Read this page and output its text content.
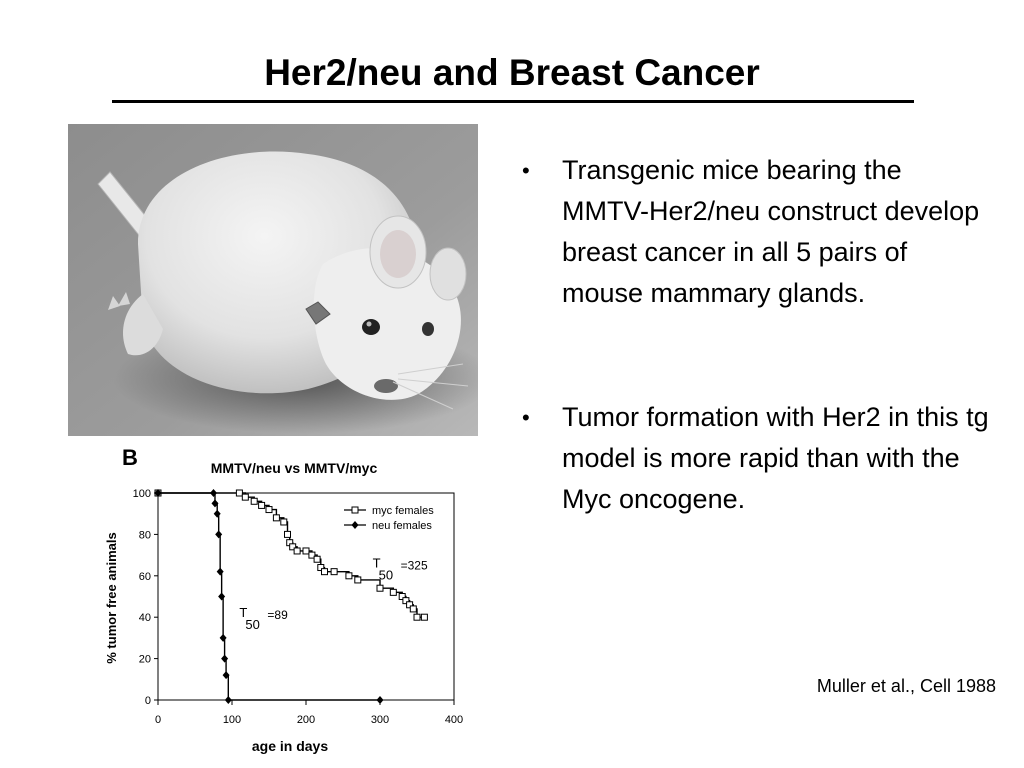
Her2/neu and Breast Cancer
B	MMTV/neu vs MMTV/myc
% tumor free animals
age in days
0
20
40
60
80
100
0	100	200	300	400
myc females
neu females
T
50
=325
T
50
=89
• Transgenic mice bearing the MMTV-Her2/neu construct develop breast cancer in all 5 pairs of mouse mammary glands.
• Tumor formation with Her2 in this tg model is more rapid than with the Myc oncogene.
Muller et al., Cell 1988
